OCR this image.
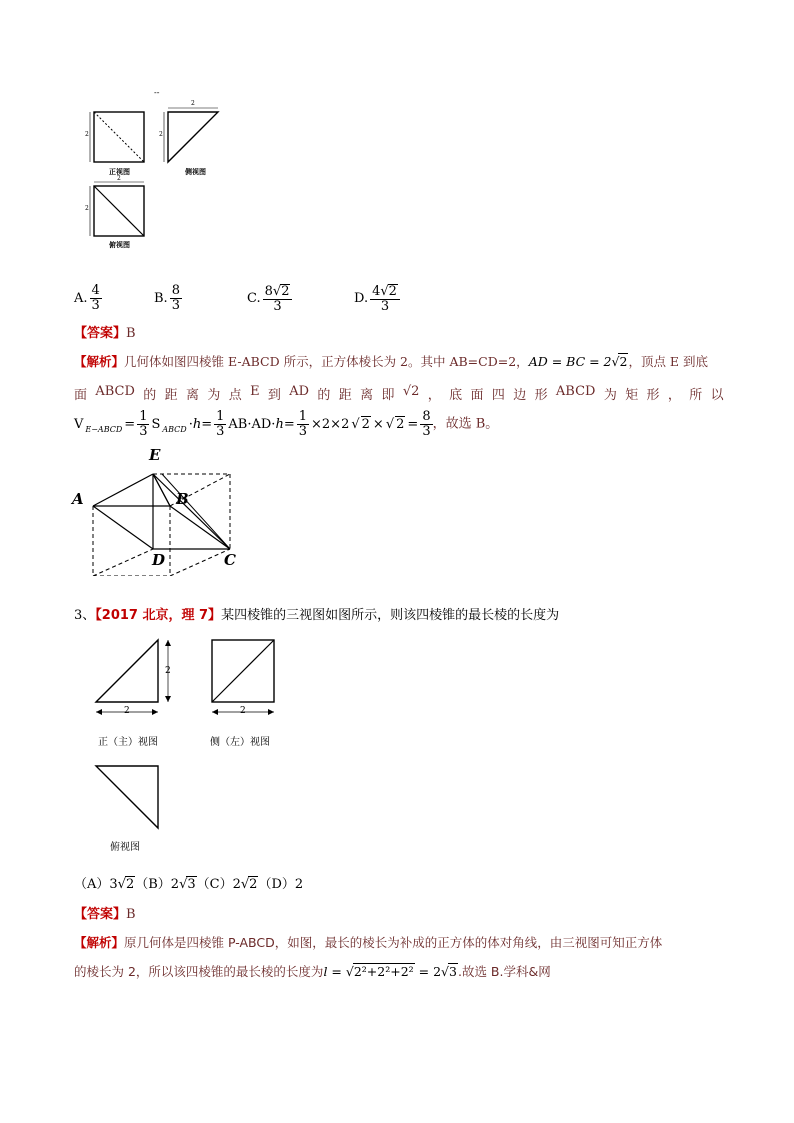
--
2
2
2
2
2
正视图	侧视图
俯视图
A. $\frac{4}{3}$	B. $\frac{8}{3}$	C. $\frac{8√2}{3}$	D. $\frac{4√2}{3}$
【答案】B
【解析】几何体如图四棱锥 E-ABCD 所示，正方体棱长为 2。其中 AB=CD=2，AD = BC = 2√2，顶点 E 到底
面 ABCD 的 距 离 为 点 E 到 AD 的 距 离 即 √2 ， 底 面 四 边 形 ABCD 为 矩 形 ， 所 以
V E−ABCD = $\frac{1}{3}$ S ABCD $\cdot h= \frac{1}{3} AB\cdot AD\cdot h= \frac{1}{3} \times 2\times 2$ √ 2 × √ $2 = \frac{8}{3}$ ，故选 B。
E
A	B
D	C
3、【2017 北京，理 7】某四棱锥的三视图如图所示，则该四棱锥的最长棱的长度为
2
2	2
正（主）视图	侧（左）视图
俯视图
（A）3√2（B）2√3（C）2√2（D）2
【答案】B
【解析】原几何体是四棱锥 P-ABCD，如图，最长的棱长为补成的正方体的体对角线，由三视图可知正方体
的棱长为 2，所以该四棱锥的最长棱的长度为l = √2²+2²+2² = 2√3.故选 B.学科&网
